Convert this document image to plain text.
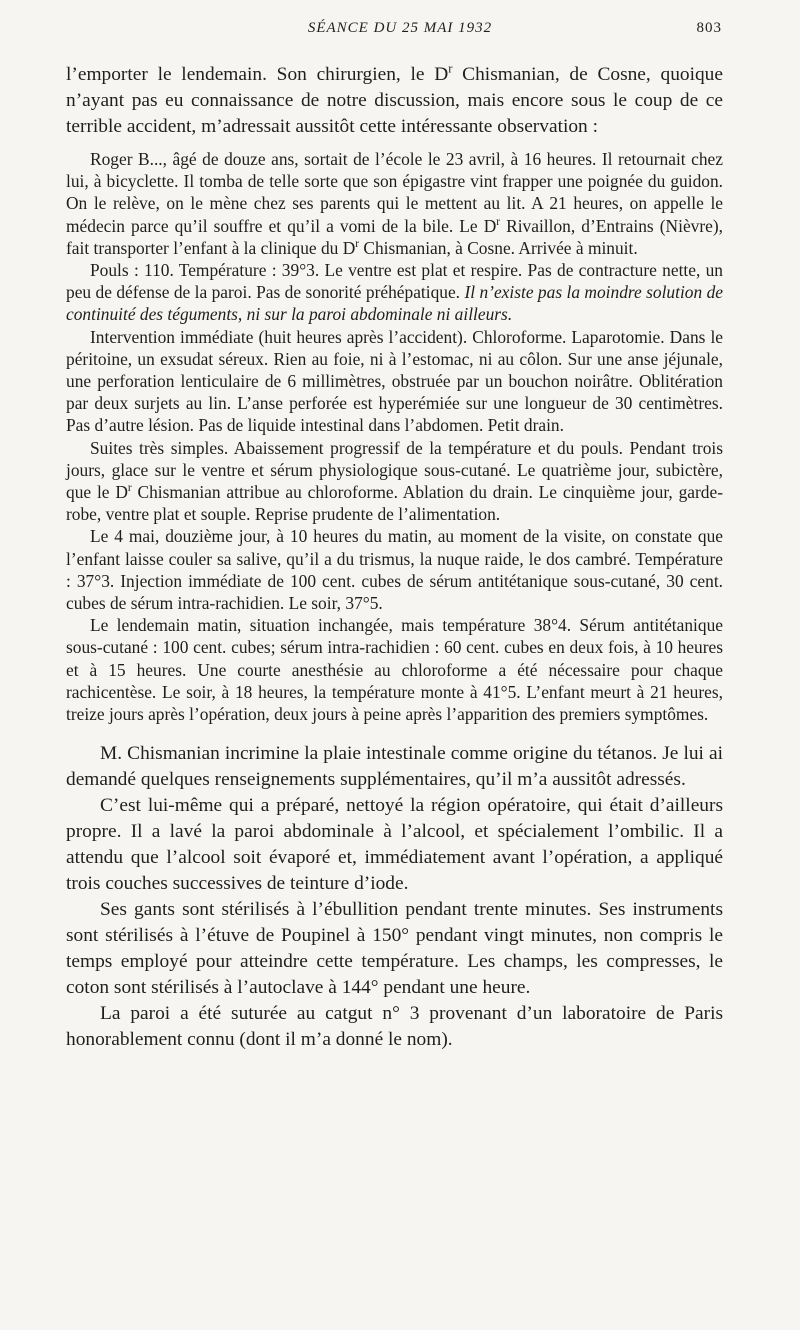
SÉANCE DU 25 MAI 1932	803

l’emporter le lendemain. Son chirurgien, le $D^r$ Chismanian, de Cosne, quoique n’ayant pas eu connaissance de notre discussion, mais encore sous le coup de ce terrible accident, m’adressait aussitôt cette intéressante observation :

Roger B..., âgé de douze ans, sortait de l’école le 23 avril, à 16 heures. Il retournait chez lui, à bicyclette. Il tomba de telle sorte que son épigastre vint frapper une poignée du guidon. On le relève, on le mène chez ses parents qui le mettent au lit. A 21 heures, on appelle le médecin parce qu’il souffre et qu’il a vomi de la bile. Le $D^r$ Rivaillon, d’Entrains (Nièvre), fait transporter l’enfant à la clinique du $D^r$ Chismanian, à Cosne. Arrivée à minuit.

Pouls : 110. Température : 39°3. Le ventre est plat et respire. Pas de contracture nette, un peu de défense de la paroi. Pas de sonorité préhépatique. Il n’existe pas la moindre solution de continuité des téguments, ni sur la paroi abdominale ni ailleurs.

Intervention immédiate (huit heures après l’accident). Chloroforme. Laparotomie. Dans le péritoine, un exsudat séreux. Rien au foie, ni à l’estomac, ni au côlon. Sur une anse jéjunale, une perforation lenticulaire de 6 millimètres, obstruée par un bouchon noirâtre. Oblitération par deux surjets au lin. L’anse perforée est hyperémiée sur une longueur de 30 centimètres. Pas d’autre lésion. Pas de liquide intestinal dans l’abdomen. Petit drain.

Suites très simples. Abaissement progressif de la température et du pouls. Pendant trois jours, glace sur le ventre et sérum physiologique sous-cutané. Le quatrième jour, subictère, que le $D^r$ Chismanian attribue au chloroforme. Ablation du drain. Le cinquième jour, garde-robe, ventre plat et souple. Reprise prudente de l’alimentation.

Le 4 mai, douzième jour, à 10 heures du matin, au moment de la visite, on constate que l’enfant laisse couler sa salive, qu’il a du trismus, la nuque raide, le dos cambré. Température : 37°3. Injection immédiate de 100 cent. cubes de sérum antitétanique sous-cutané, 30 cent. cubes de sérum intra-rachidien. Le soir, 37°5.

Le lendemain matin, situation inchangée, mais température 38°4. Sérum antitétanique sous-cutané : 100 cent. cubes; sérum intra-rachidien : 60 cent. cubes en deux fois, à 10 heures et à 15 heures. Une courte anesthésie au chloroforme a été nécessaire pour chaque rachicentèse. Le soir, à 18 heures, la température monte à 41°5. L’enfant meurt à 21 heures, treize jours après l’opération, deux jours à peine après l’apparition des premiers symptômes.

M. Chismanian incrimine la plaie intestinale comme origine du tétanos. Je lui ai demandé quelques renseignements supplémentaires, qu’il m’a aussitôt adressés.

C’est lui-même qui a préparé, nettoyé la région opératoire, qui était d’ailleurs propre. Il a lavé la paroi abdominale à l’alcool, et spécialement l’ombilic. Il a attendu que l’alcool soit évaporé et, immédiatement avant l’opération, a appliqué trois couches successives de teinture d’iode.

Ses gants sont stérilisés à l’ébullition pendant trente minutes. Ses instruments sont stérilisés à l’étuve de Poupinel à 150° pendant vingt minutes, non compris le temps employé pour atteindre cette température. Les champs, les compresses, le coton sont stérilisés à l’autoclave à 144° pendant une heure.

La paroi a été suturée au catgut n° 3 provenant d’un laboratoire de Paris honorablement connu (dont il m’a donné le nom).
